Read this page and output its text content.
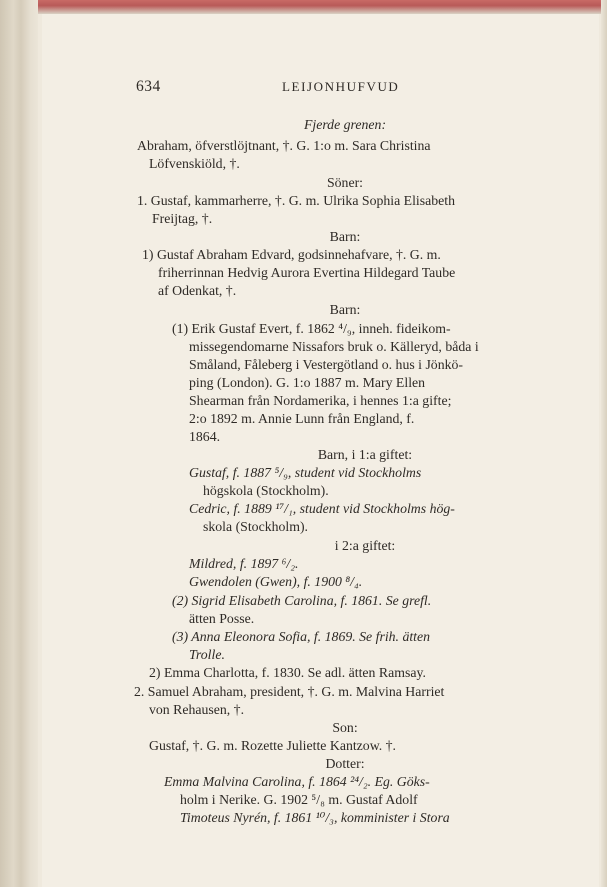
634	LEIJONHUFVUD
Fjerde grenen:
Abraham, öfverstlöjtnant, †. G. 1:o m. Sara Christina
Löfvenskiöld, †.
Söner:
1. Gustaf, kammarherre, †. G. m. Ulrika Sophia Elisabeth
Freijtag, †.
Barn:
1) Gustaf Abraham Edvard, godsinnehafvare, †. G. m.
friherrinnan Hedvig Aurora Evertina Hildegard Taube
af Odenkat, †.
Barn:
(1) Erik Gustaf Evert, f. 1862 ⁴/₉, inneh. fideikom-
missegendomarne Nissafors bruk o. Källeryd, båda i
Småland, Fåleberg i Vestergötland o. hus i Jönkö-
ping (London). G. 1:o 1887 m. Mary Ellen
Shearman från Nordamerika, i hennes 1:a gifte;
2:o 1892 m. Annie Lunn från England, f.
1864.
Barn, i 1:a giftet:
Gustaf, f. 1887 ⁵/₉, student vid Stockholms
högskola (Stockholm).
Cedric, f. 1889 ¹⁷/₁, student vid Stockholms hög-
skola (Stockholm).
i 2:a giftet:
Mildred, f. 1897 ⁶/₂.
Gwendolen (Gwen), f. 1900 ⁸/₄.
(2) Sigrid Elisabeth Carolina, f. 1861. Se grefl.
ätten Posse.
(3) Anna Eleonora Sofia, f. 1869. Se frih. ätten
Trolle.
2) Emma Charlotta, f. 1830. Se adl. ätten Ramsay.
2. Samuel Abraham, president, †. G. m. Malvina Harriet
von Rehausen, †.
Son:
Gustaf, †. G. m. Rozette Juliette Kantzow. †.
Dotter:
Emma Malvina Carolina, f. 1864 ²⁴/₂. Eg. Göks-
holm i Nerike. G. 1902 ⁵/₈ m. Gustaf Adolf
Timoteus Nyrén, f. 1861 ¹⁰/₃, komminister i Stora
